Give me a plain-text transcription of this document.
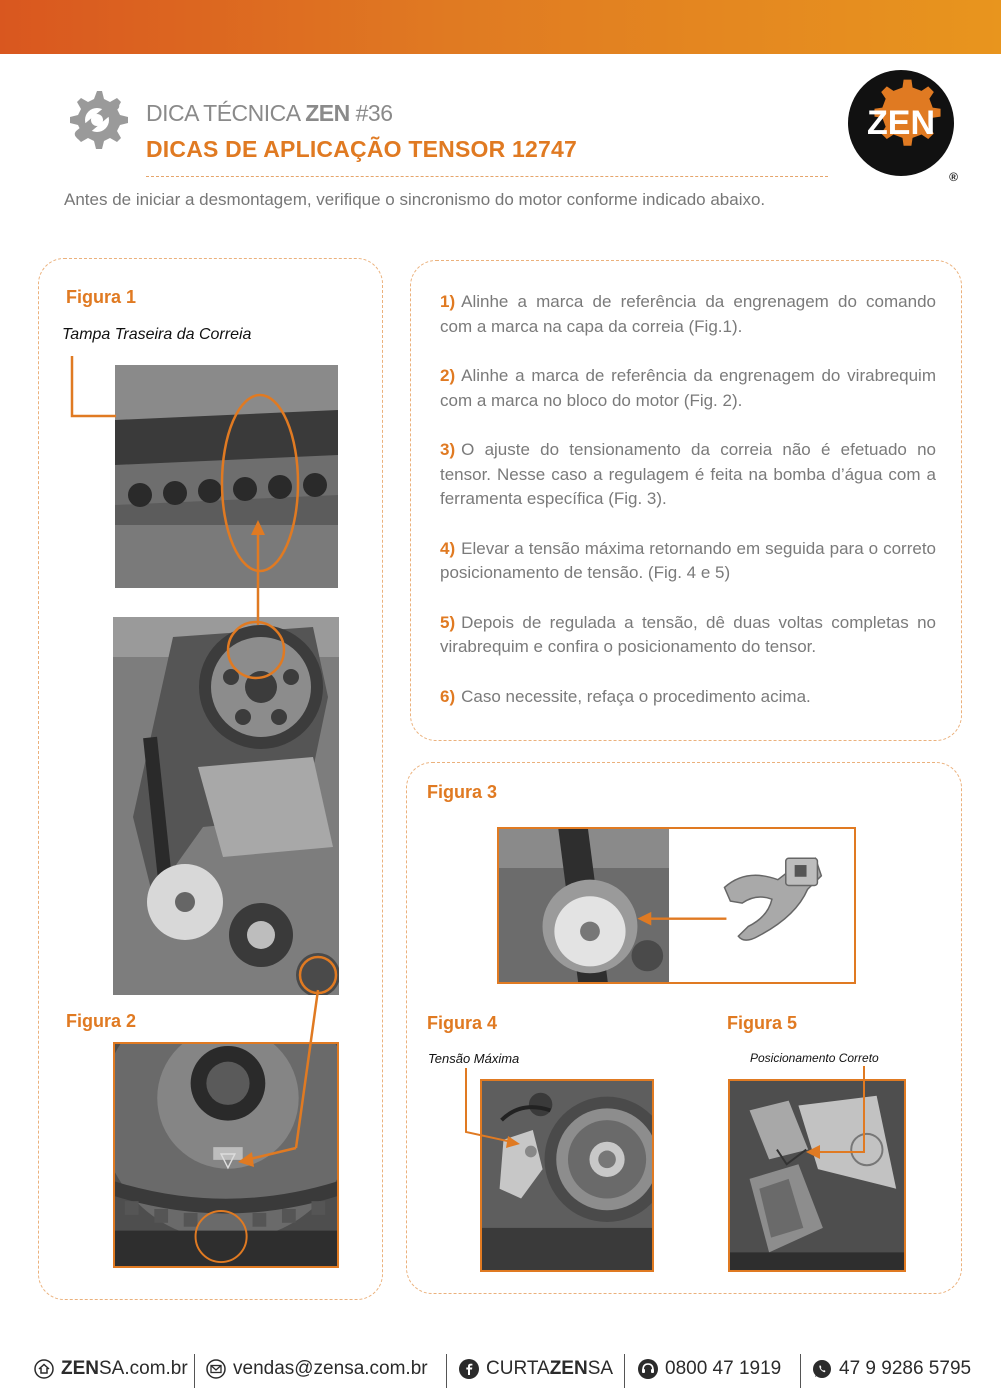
DICA TÉCNICA ZEN #36
DICAS DE APLICAÇÃO TENSOR 12747
ZEN
®
Antes de iniciar a desmontagem, verifique o sincronismo do motor conforme indicado abaixo.
Figura 1
Tampa Traseira da Correia
Figura 2

1) Alinhe a marca de referência da engrenagem do comando com a marca na capa da correia (Fig.1).

2) Alinhe a marca de referência da engrenagem do virabrequim com a marca no bloco do motor (Fig. 2).

3) O ajuste do tensionamento da correia não é efetuado no tensor. Nesse caso a regulagem é feita na bomba d’água com a ferramenta específica (Fig. 3).

4) Elevar a tensão máxima retornando em seguida para o correto posicionamento de tensão. (Fig. 4 e 5)

5) Depois de regulada a tensão, dê duas voltas completas no virabrequim e confira o posicionamento do tensor.

6) Caso necessite, refaça o procedimento acima.

Figura 3
Figura 4
Tensão Máxima
Figura 5
Posicionamento Correto
ZENSA.com.br vendas@zensa.com.br	CURTAZENSA	0800 47 1919	47 9 9286 5795
